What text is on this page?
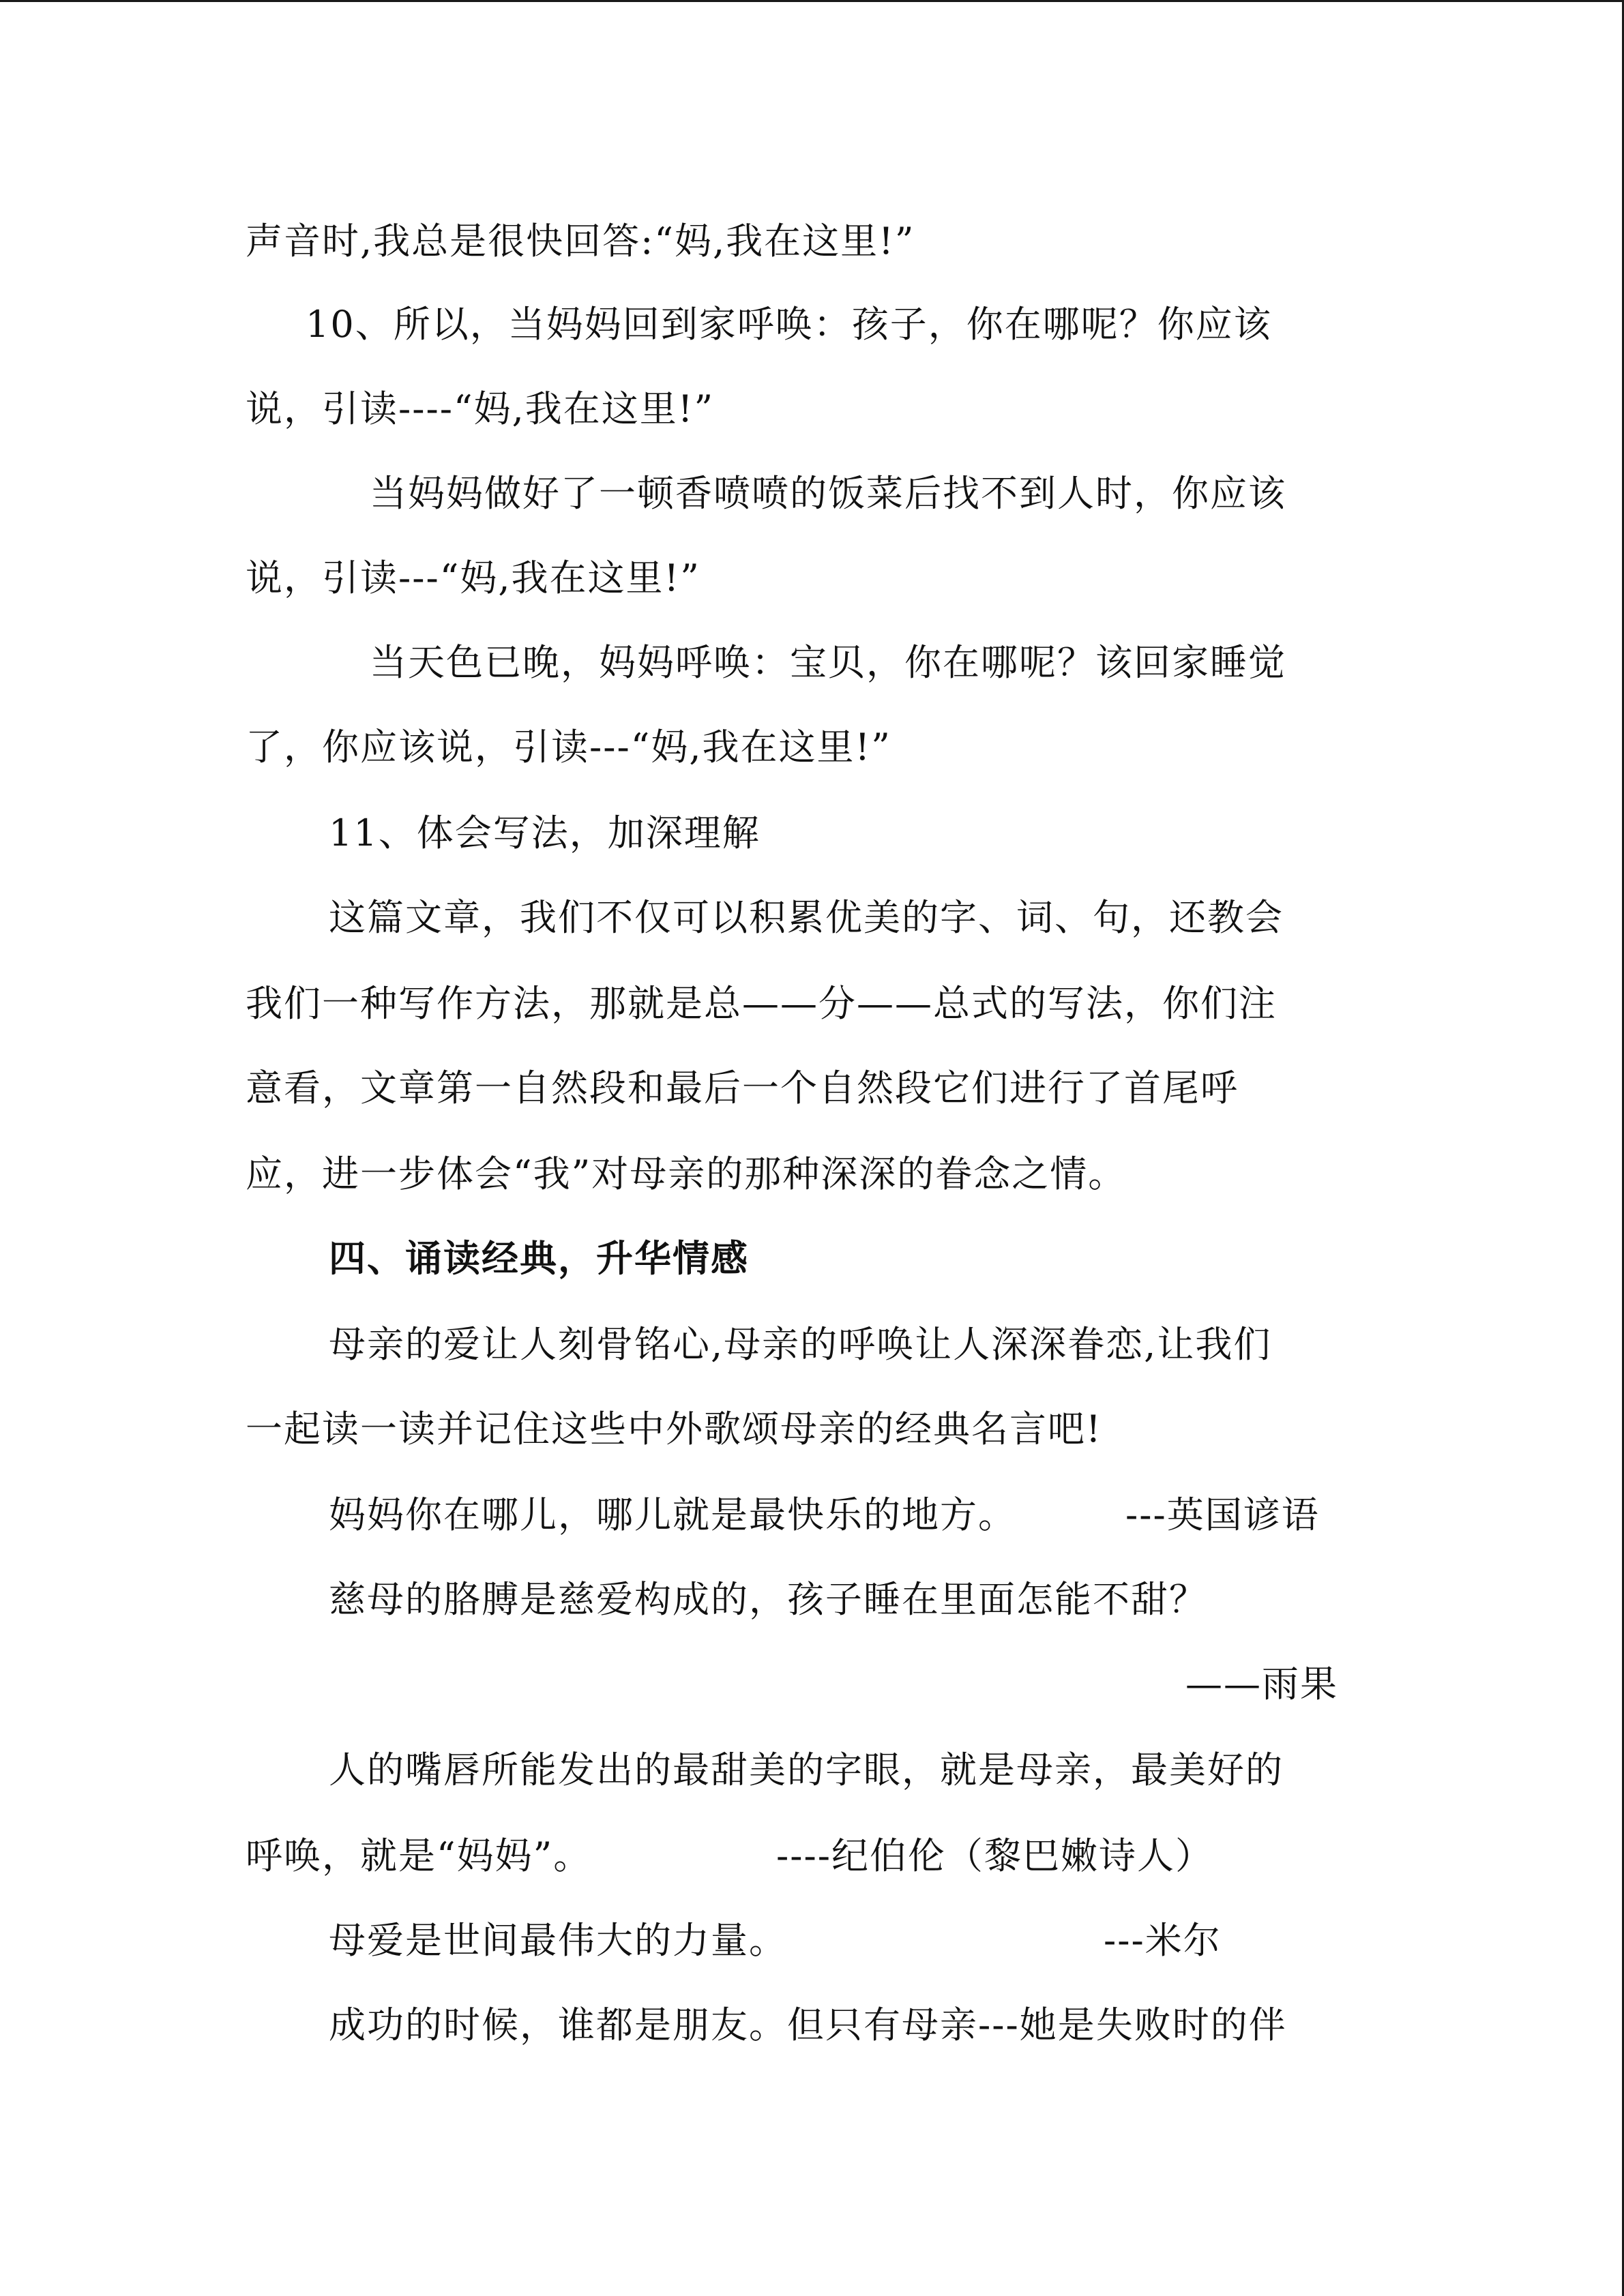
声音时,我总是很快回答:“妈,我在这里!”
10、所以，当妈妈回到家呼唤：孩子，你在哪呢？你应该
说，引读----“妈,我在这里!”
当妈妈做好了一顿香喷喷的饭菜后找不到人时，你应该
说，引读---“妈,我在这里!”
当天色已晚，妈妈呼唤：宝贝，你在哪呢？该回家睡觉
了，你应该说，引读---“妈,我在这里!”
11、体会写法，加深理解
这篇文章，我们不仅可以积累优美的字、词、句，还教会
我们一种写作方法，那就是总——分——总式的写法，你们注
意看，文章第一自然段和最后一个自然段它们进行了首尾呼
应，进一步体会“我”对母亲的那种深深的眷念之情。
四、诵读经典，升华情感
母亲的爱让人刻骨铭心,母亲的呼唤让人深深眷恋,让我们
一起读一读并记住这些中外歌颂母亲的经典名言吧!
妈妈你在哪儿，哪儿就是最快乐的地方。	---英国谚语
慈母的胳膊是慈爱构成的，孩子睡在里面怎能不甜？
——雨果
人的嘴唇所能发出的最甜美的字眼，就是母亲，最美好的
呼唤，就是“妈妈”。	----纪伯伦（黎巴嫩诗人）
母爱是世间最伟大的力量。	---米尔
成功的时候，谁都是朋友。但只有母亲---她是失败时的伴
